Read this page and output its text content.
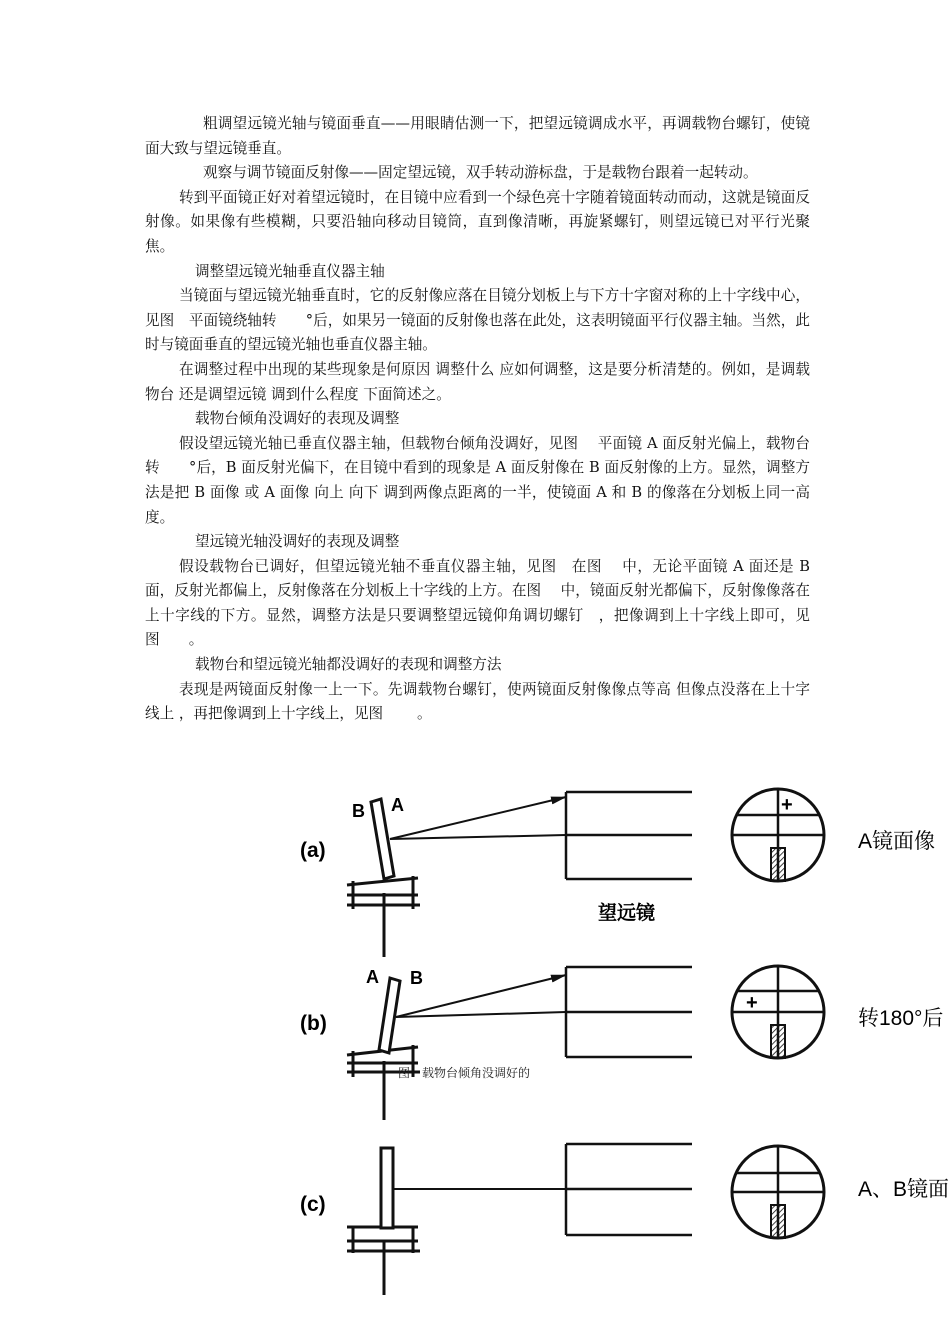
粗调望远镜光轴与镜面垂直——用眼睛估测一下，把望远镜调成水平，再调载物台螺钉，使镜面大致与望远镜垂直。

观察与调节镜面反射像——固定望远镜，双手转动游标盘，于是载物台跟着一起转动。

转到平面镜正好对着望远镜时，在目镜中应看到一个绿色亮十字随着镜面转动而动，这就是镜面反射像。如果像有些模糊，只要沿轴向移动目镜筒，直到像清晰，再旋紧螺钉，则望远镜已对平行光聚焦。

调整望远镜光轴垂直仪器主轴

当镜面与望远镜光轴垂直时，它的反射像应落在目镜分划板上与下方十字窗对称的上十字线中心，见图　平面镜绕轴转　　°后，如果另一镜面的反射像也落在此处，这表明镜面平行仪器主轴。当然，此时与镜面垂直的望远镜光轴也垂直仪器主轴。

在调整过程中出现的某些现象是何原因 调整什么 应如何调整，这是要分析清楚的。例如，是调载物台 还是调望远镜 调到什么程度 下面简述之。

载物台倾角没调好的表现及调整

假设望远镜光轴已垂直仪器主轴，但载物台倾角没调好，见图　 平面镜 A 面反射光偏上，载物台转　　°后，B 面反射光偏下，在目镜中看到的现象是 A 面反射像在 B 面反射像的上方。显然，调整方法是把 B 面像 或 A 面像 向上 向下 调到两像点距离的一半，使镜面 A 和 B 的像落在分划板上同一高度。

望远镜光轴没调好的表现及调整

假设载物台已调好，但望远镜光轴不垂直仪器主轴，见图　在图　 中，无论平面镜 A 面还是 B 面，反射光都偏上，反射像落在分划板上十字线的上方。在图　 中，镜面反射光都偏下，反射像像落在上十字线的下方。显然，调整方法是只要调整望远镜仰角调切螺钉　，把像调到上十字线上即可，见图　　。

载物台和望远镜光轴都没调好的表现和调整方法

表现是两镜面反射像一上一下。先调载物台螺钉，使两镜面反射像像点等高 但像点没落在上十字线上 ，再把像调到上十字线上，见图　　 。

(a)
B A
望远镜
+
A镜面像
(b)
A B
+
转180°后
图　载物台倾角没调好的
(c)
A、B镜面
